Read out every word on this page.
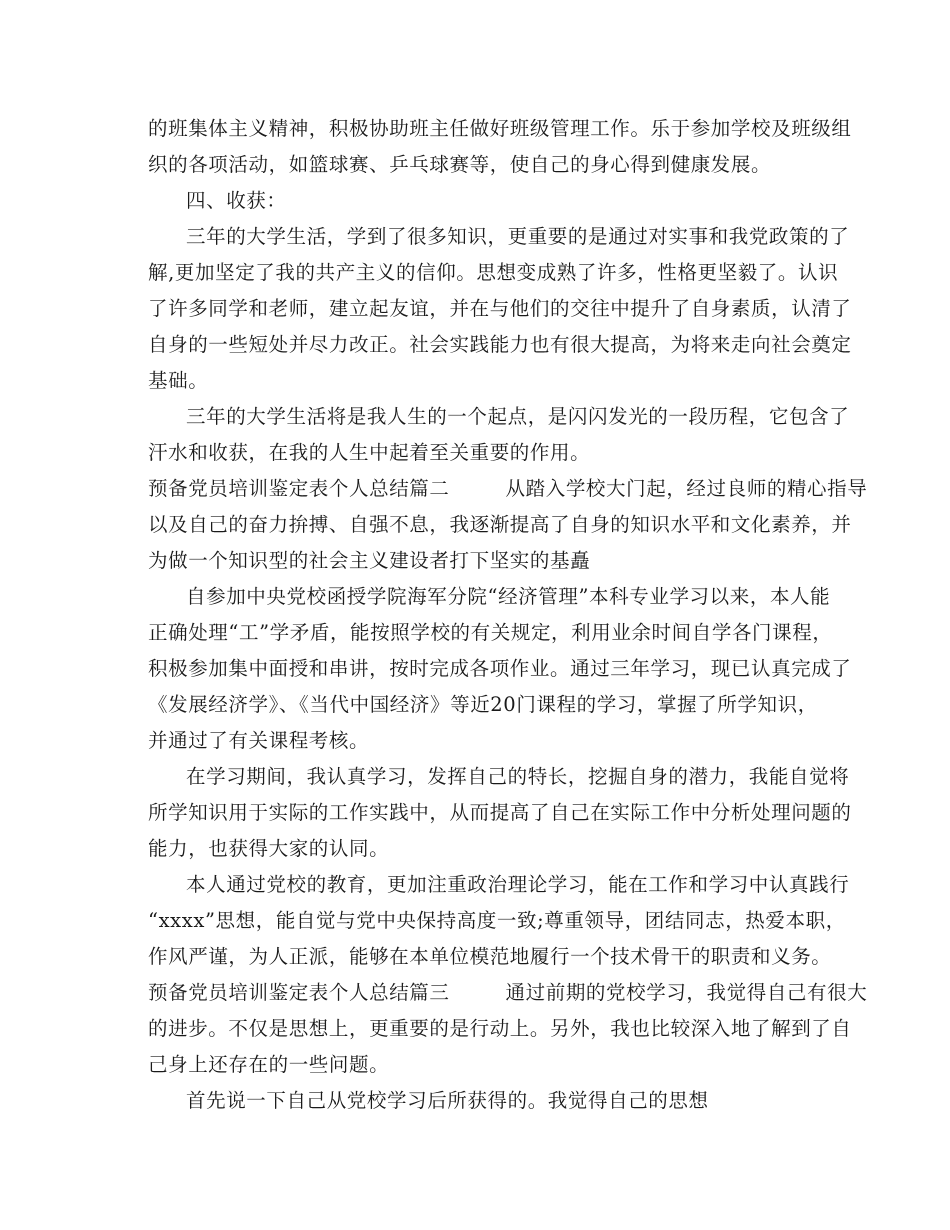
的班集体主义精神，积极协助班主任做好班级管理工作。乐于参加学校及班级组
织的各项活动，如篮球赛、乒乓球赛等，使自己的身心得到健康发展。
四、收获：
三年的大学生活，学到了很多知识，更重要的是通过对实事和我党政策的了
解,更加坚定了我的共产主义的信仰。思想变成熟了许多，性格更坚毅了。认识
了许多同学和老师，建立起友谊，并在与他们的交往中提升了自身素质，认清了
自身的一些短处并尽力改正。社会实践能力也有很大提高，为将来走向社会奠定
基础。
三年的大学生活将是我人生的一个起点，是闪闪发光的一段历程，它包含了
汗水和收获，在我的人生中起着至关重要的作用。
预备党员培训鉴定表个人总结篇二	从踏入学校大门起，经过良师的精心指导
以及自己的奋力拚搏、自强不息，我逐渐提高了自身的知识水平和文化素养，并
为做一个知识型的社会主义建设者打下坚实的基矗
自参加中央党校函授学院海军分院“经济管理”本科专业学习以来，本人能
正确处理“工”学矛盾，能按照学校的有关规定，利用业余时间自学各门课程，
积极参加集中面授和串讲，按时完成各项作业。通过三年学习，现已认真完成了
《发展经济学》、《当代中国经济》等近20门课程的学习，掌握了所学知识，
并通过了有关课程考核。
在学习期间，我认真学习，发挥自己的特长，挖掘自身的潜力，我能自觉将
所学知识用于实际的工作实践中，从而提高了自己在实际工作中分析处理问题的
能力，也获得大家的认同。
本人通过党校的教育，更加注重政治理论学习，能在工作和学习中认真践行
“xxxx”思想，能自觉与党中央保持高度一致;尊重领导，团结同志，热爱本职，
作风严谨，为人正派，能够在本单位模范地履行一个技术骨干的职责和义务。
预备党员培训鉴定表个人总结篇三	通过前期的党校学习，我觉得自己有很大
的进步。不仅是思想上，更重要的是行动上。另外，我也比较深入地了解到了自
己身上还存在的一些问题。
首先说一下自己从党校学习后所获得的。我觉得自己的思想
